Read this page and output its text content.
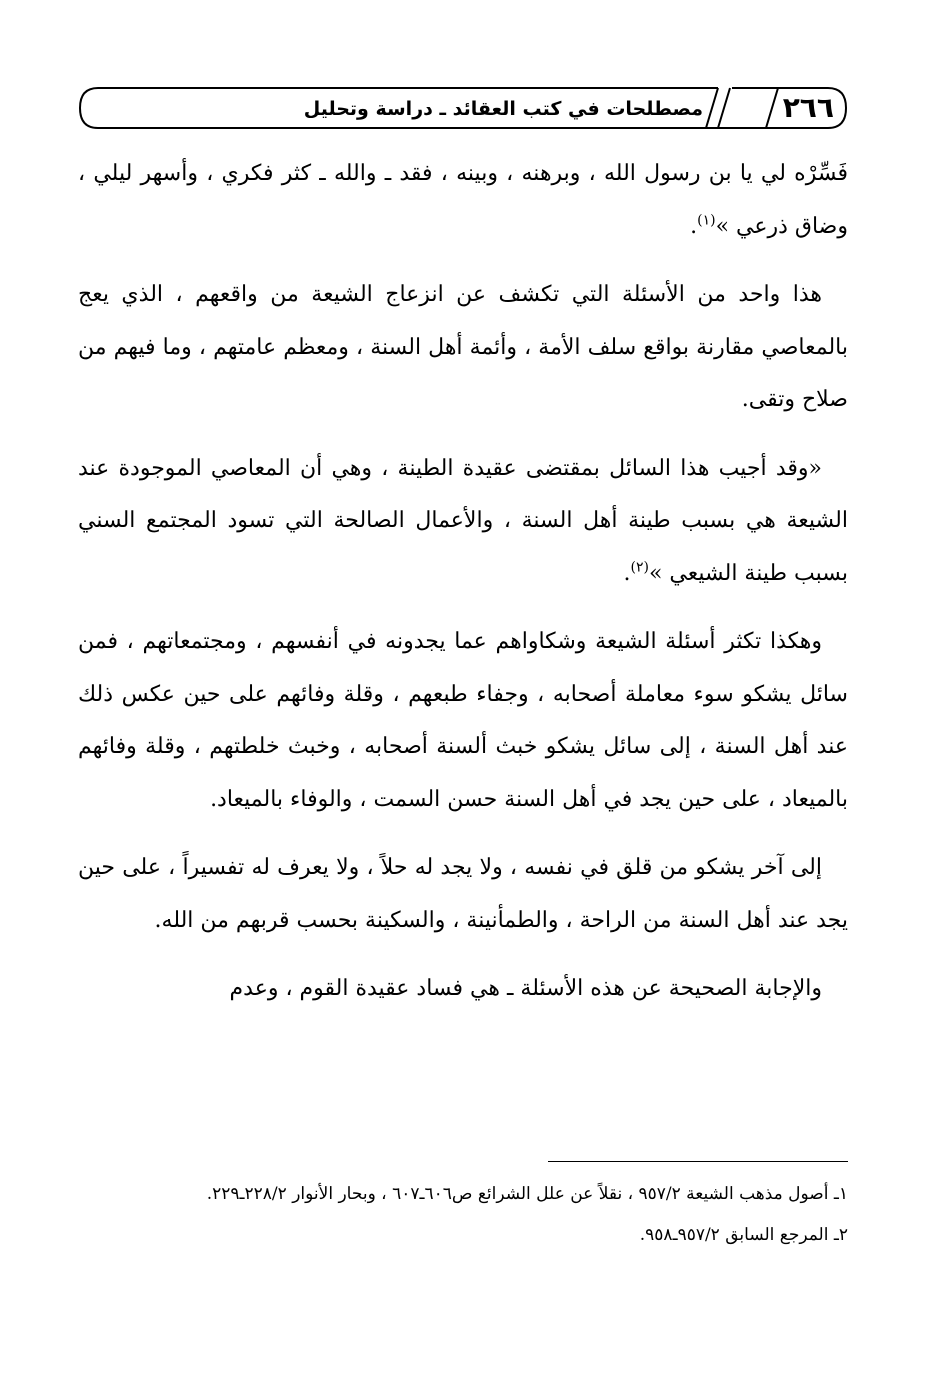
٢٦٦
مصطلحات في كتب العقائد ـ دراسة وتحليل

فَسِّرْه لي يا بن رسول الله ، وبرهنه ، وبينه ، فقد ـ والله ـ كثر فكري ، وأسهر ليلي ، وضاق ذرعي »$^{(١)}$.

هذا واحد من الأسئلة التي تكشف عن انزعاج الشيعة من واقعهم ، الذي يعج بالمعاصي مقارنة بواقع سلف الأمة ، وأئمة أهل السنة ، ومعظم عامتهم ، وما فيهم من صلاح وتقى.

«وقد أجيب هذا السائل بمقتضى عقيدة الطينة ، وهي أن المعاصي الموجودة عند الشيعة هي بسبب طينة أهل السنة ، والأعمال الصالحة التي تسود المجتمع السني بسبب طينة الشيعي »$^{(٢)}$.

وهكذا تكثر أسئلة الشيعة وشكاواهم عما يجدونه في أنفسهم ، ومجتمعاتهم ، فمن سائل يشكو سوء معاملة أصحابه ، وجفاء طبعهم ، وقلة وفائهم على حين عكس ذلك عند أهل السنة ، إلى سائل يشكو خبث ألسنة أصحابه ، وخبث خلطتهم ، وقلة وفائهم بالميعاد ، على حين يجد في أهل السنة حسن السمت ، والوفاء بالميعاد.

إلى آخر يشكو من قلق في نفسه ، ولا يجد له حلاً ، ولا يعرف له تفسيراً ، على حين يجد عند أهل السنة من الراحة ، والطمأنينة ، والسكينة بحسب قربهم من الله.

والإجابة الصحيحة عن هذه الأسئلة ـ هي فساد عقيدة القوم ، وعدم

١ـ أصول مذهب الشيعة ٩٥٧/٢ ، نقلاً عن علل الشرائع ص٦٠٦ـ٦٠٧ ، وبحار الأنوار ٢٢٨/٢ـ٢٢٩.

٢ـ المرجع السابق ٩٥٧/٢ـ٩٥٨.
